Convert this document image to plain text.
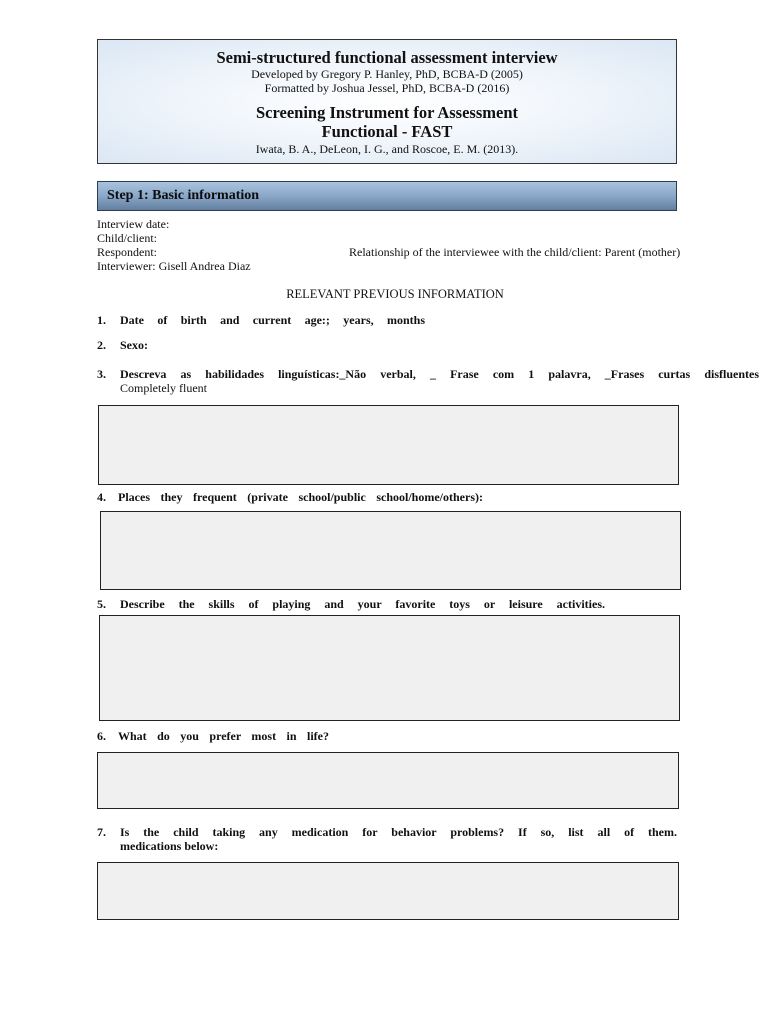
Semi-structured functional assessment interview
Developed by Gregory P. Hanley, PhD, BCBA-D (2005)
Formatted by Joshua Jessel, PhD, BCBA-D (2016)
Screening Instrument for Assessment
Functional - FAST
Iwata, B. A., DeLeon, I. G., and Roscoe, E. M. (2013).
Step 1: Basic information
Interview date:
Child/client:
Respondent:	Relationship of the interviewee with the child/client: Parent (mother)
Interviewer: Gisell Andrea Diaz
RELEVANT PREVIOUS INFORMATION
1. Date of birth and current age:; years, months
2. Sexo:
3. Descreva as habilidades linguísticas:_Não verbal, _ Frase com 1 palavra, _Frases curtas disfluentes
Completely fluent
4. Places they frequent (private school/public school/home/others):
5. Describe the skills of playing and your favorite toys or leisure activities.
6. What do you prefer most in life?
7. Is the child taking any medication for behavior problems? If so, list all of them.
medications below:
